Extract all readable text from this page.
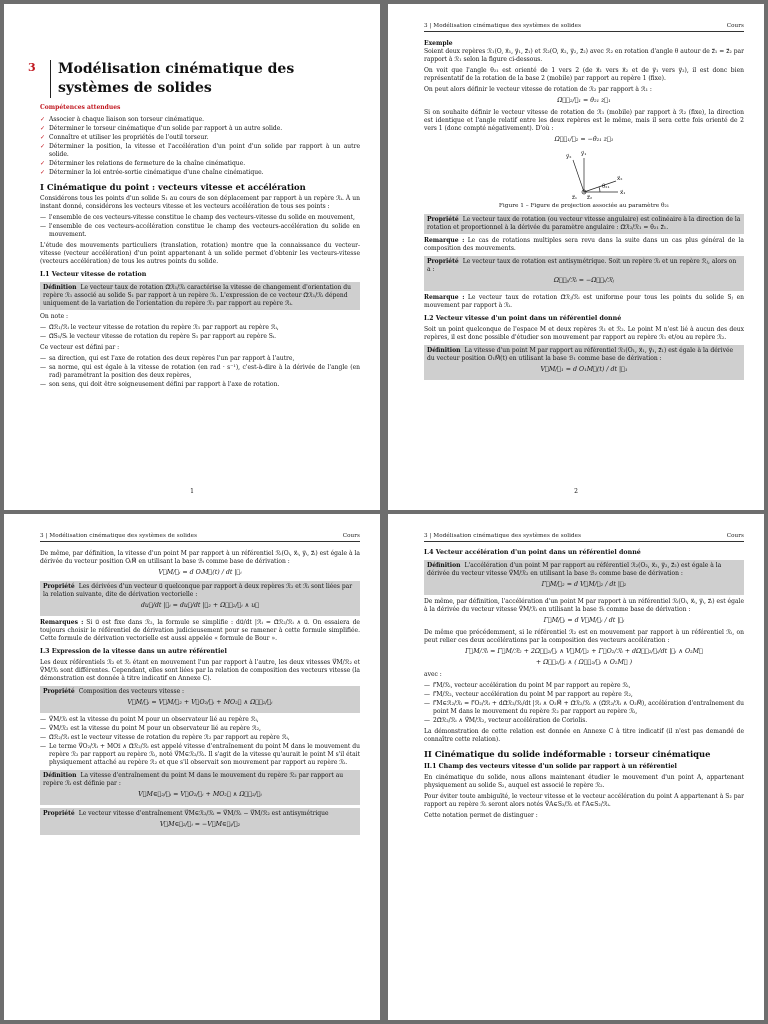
3 Modélisation cinématique des systèmes de solides
Compétences attendues
✓ Associer à chaque liaison son torseur cinématique.
✓ Déterminer le torseur cinématique d'un solide par rapport à un autre solide.
✓ Connaître et utiliser les propriétés de l'outil torseur.
✓ Déterminer la position, la vitesse et l'accélération d'un point d'un solide par rapport à un autre solide.
✓ Déterminer les relations de fermeture de la chaîne cinématique.
✓ Déterminer la loi entrée-sortie cinématique d'une chaîne cinématique.
I Cinématique du point : vecteurs vitesse et accélération

Considérons tous les points d'un solide S₁ au cours de son déplacement par rapport à un repère ℛᵢ. À un instant donné, considérons les vecteurs vitesse et les vecteurs accélération de tous ses points :

— l'ensemble de ces vecteurs-vitesse constitue le champ des vecteurs-vitesse du solide en mouvement,
— l'ensemble de ces vecteurs-accélération constitue le champ des vecteurs-accélération du solide en mouvement.

L'étude des mouvements particuliers (translation, rotation) montre que la connaissance du vecteur-vitesse (vecteur accélération) d'un point appartenant à un solide permet d'obtenir les vecteurs-vitesse (vecteurs accélération) de tous les autres points du solide.

I.1 Vecteur vitesse de rotation
Définition Le vecteur taux de rotation Ω⃗ℛ₁/ℛᵢ caractérise la vitesse de changement d'orientation du repère ℛ₁ associé au solide S₁ par rapport à un repère ℛᵢ. L'expression de ce vecteur Ω⃗ℛ₁/ℛᵢ dépend uniquement de la variation de l'orientation du repère ℛ₁ par rapport au repère ℛᵢ.

On note :

— Ω⃗ℛ₁/ℛᵢ le vecteur vitesse de rotation du repère ℛ₁ par rapport au repère ℛᵢ,
— Ω⃗S₁/Sᵢ le vecteur vitesse de rotation du repère S₁ par rapport au repère Sᵢ.

Ce vecteur est défini par :

— sa direction, qui est l'axe de rotation des deux repères l'un par rapport à l'autre,
— sa norme, qui est égale à la vitesse de rotation (en rad · s⁻¹), c'est-à-dire à la dérivée de l'angle (en rad) paramétrant la position des deux repères,
— son sens, qui doit être soigneusement défini par rapport à l'axe de rotation.
1
3 | Modélisation cinématique des systèmes de solides	Cours
Exemple

Soient deux repères ℛ₁(O, x⃗₁, y⃗₁, z⃗₁) et ℛ₂(O, x⃗₂, y⃗₂, z⃗₂) avec ℛ₂ en rotation d'angle θ autour de z⃗₁ = z⃗₂ par rapport à ℛ₁ selon la figure ci-dessous.

On voit que l'angle θ₂₁ est orienté de 1 vers 2 (de x⃗₁ vers x⃗₂ et de y⃗₁ vers y⃗₂), il est donc bien représentatif de la rotation de la base 2 (mobile) par rapport au repère 1 (fixe).

On peut alors définir le vecteur vitesse de rotation de ℛ₂ par rapport à ℛ₁ :

Ω⃗ℛ₂/ℛ₁ = θ̇₂₁ z⃗₁

Si on souhaite définir le vecteur vitesse de rotation de ℛ₁ (mobile) par rapport à ℛ₂ (fixe), la direction est identique et l'angle relatif entre les deux repères est le même, mais il sera cette fois orienté de 2 vers 1 (donc compté négativement). D'où :

Ω⃗ℛ₁/ℛ₂ = −θ̇₂₁ z⃗₁
y⃗₂ y⃗₁
x⃗₂
x⃗₁
θ₂₁
z⃗₁ z⃗₂
Figure 1 – Figure de projection associée au paramètre θ₂₁
Propriété Le vecteur taux de rotation (ou vecteur vitesse angulaire) est colinéaire à la direction de la rotation et proportionnel à la dérivée du paramètre angulaire : Ω⃗ℛ₂/ℛ₁ = θ̇₂₁ z⃗₁.

Remarque : Le cas de rotations multiples sera revu dans la suite dans un cas plus général de la composition des mouvements.

Propriété Le vecteur taux de rotation est antisymétrique. Soit un repère ℛᵢ et un repère ℛⱼ, alors on a :
Ω⃗ℛⱼ/ℛᵢ = −Ω⃗ℛᵢ/ℛⱼ

Remarque : Le vecteur taux de rotation Ω⃗ℛⱼ/ℛᵢ est uniforme pour tous les points du solide Sⱼ en mouvement par rapport à ℛᵢ.

I.2 Vecteur vitesse d'un point dans un référentiel donné

Soit un point quelconque de l'espace M et deux repères ℛ₁ et ℛ₂. Le point M n'est lié à aucun des deux repères, il est donc possible d'étudier son mouvement par rapport au repère ℛ₁ et/ou au repère ℛ₂.

Définition La vitesse d'un point M par rapport au référentiel ℛ₁(O₁, x⃗₁, y⃗₁, z⃗₁) est égale à la dérivée du vecteur position O₁M⃗(t) en utilisant la base ℬ₁ comme base de dérivation :
V⃗M/ℛ₁ = d O₁M⃗(t) / dt |ℬ₁
2
3 | Modélisation cinématique des systèmes de solides	Cours

De même, par définition, la vitesse d'un point M par rapport à un référentiel ℛᵢ(Oᵢ, x⃗ᵢ, y⃗ᵢ, z⃗ᵢ) est égale à la dérivée du vecteur position OᵢM⃗ en utilisant la base ℬᵢ comme base de dérivation :

V⃗M/ℛᵢ = d OᵢM⃗(t) / dt |ℬᵢ
Propriété Les dérivées d'un vecteur u⃗ quelconque par rapport à deux repères ℛ₂ et ℛᵢ sont liées par la relation suivante, dite de dérivation vectorielle :
du⃗/dt |ℛᵢ = du⃗/dt |ℛ₂ + Ω⃗ℛ₂/ℛᵢ ∧ u⃗

Remarques : Si u⃗ est fixe dans ℛ₂, la formule se simplifie : du⃗/dt |ℛᵢ = Ω⃗ℛ₂/ℛᵢ ∧ u⃗. On essaiera de toujours choisir le référentiel de dérivation judicieusement pour se ramener à cette formule simplifiée. Cette formule de dérivation vectorielle est aussi appelée « formule de Bour ».

I.3 Expression de la vitesse dans un autre référentiel

Les deux référentiels ℛ₂ et ℛᵢ étant en mouvement l'un par rapport à l'autre, les deux vitesses V⃗M/ℛ₂ et V⃗M/ℛᵢ sont différentes. Cependant, elles sont liées par la relation de composition des vecteurs vitesse (la démonstration est donnée à titre indicatif en Annexe C).

Propriété Composition des vecteurs vitesse :
V⃗M/ℛᵢ = V⃗M/ℛ₂ + V⃗O₂/ℛᵢ + MO₂⃗ ∧ Ω⃗ℛ₂/ℛᵢ
— V⃗M/ℛᵢ est la vitesse du point M pour un observateur lié au repère ℛᵢ,
— V⃗M/ℛ₂ est la vitesse du point M pour un observateur lié au repère ℛ₂,
— Ω⃗ℛ₂/ℛᵢ est le vecteur vitesse de rotation du repère ℛ₂ par rapport au repère ℛᵢ,
— Le terme V⃗O₂/ℛᵢ + MO₂⃗ ∧ Ω⃗ℛ₂/ℛᵢ est appelé vitesse d'entraînement du point M dans le mouvement du repère ℛ₂ par rapport au repère ℛᵢ, noté V⃗M∈ℛ₂/ℛᵢ. Il s'agit de la vitesse qu'aurait le point M s'il était physiquement attaché au repère ℛ₂ et que s'il observait son mouvement par rapport au repère ℛᵢ.
Définition La vitesse d'entraînement du point M dans le mouvement du repère ℛ₂ par rapport au repère ℛᵢ est définie par :
V⃗M∈ℛ₂/ℛᵢ = V⃗O₂/ℛᵢ + MO₂⃗ ∧ Ω⃗ℛ₂/ℛᵢ
Propriété Le vecteur vitesse d'entraînement V⃗M∈ℛ₂/ℛᵢ = V⃗M/ℛᵢ − V⃗M/ℛ₂ est antisymétrique
V⃗M∈ℛ₂/ℛᵢ = −V⃗M∈ℛᵢ/ℛ₂
3 | Modélisation cinématique des systèmes de solides	Cours
I.4 Vecteur accélération d'un point dans un référentiel donné
Définition L'accélération d'un point M par rapport au référentiel ℛ₂(O₂, x⃗₂, y⃗₂, z⃗₂) est égale à la dérivée du vecteur vitesse V⃗M/ℛ₂ en utilisant la base ℬ₂ comme base de dérivation :
Γ⃗M/ℛ₂ = d V⃗M/ℛ₂ / dt |ℬ₂

De même, par définition, l'accélération d'un point M par rapport à un référentiel ℛᵢ(Oᵢ, x⃗ᵢ, y⃗ᵢ, z⃗ᵢ) est égale à la dérivée du vecteur vitesse V⃗M/ℛᵢ en utilisant la base ℬᵢ comme base de dérivation :

Γ⃗M/ℛᵢ = d V⃗M/ℛᵢ / dt |ℬᵢ

De même que précédemment, si le référentiel ℛ₂ est en mouvement par rapport à un référentiel ℛᵢ, on peut relier ces deux accélérations par la composition des vecteurs accélération :

Γ⃗M/ℛᵢ = Γ⃗M/ℛ₂ + 2Ω⃗ℛ₂/ℛᵢ ∧ V⃗M/ℛ₂ + Γ⃗O₂/ℛᵢ + dΩ⃗ℛ₂/ℛᵢ/dt |ℛᵢ ∧ O₂M⃗
+ Ω⃗ℛ₂/ℛᵢ ∧ ( Ω⃗ℛ₂/ℛᵢ ∧ O₂M⃗ )

avec :

— Γ⃗M/ℛᵢ, vecteur accélération du point M par rapport au repère ℛᵢ,
— Γ⃗M/ℛ₂, vecteur accélération du point M par rapport au repère ℛ₂,
— Γ⃗M∈ℛ₂/ℛᵢ = Γ⃗O₂/ℛᵢ + dΩ⃗ℛ₂/ℛᵢ/dt |ℛᵢ ∧ O₂M⃗ + Ω⃗ℛ₂/ℛᵢ ∧ (Ω⃗ℛ₂/ℛᵢ ∧ O₂M⃗), accélération d'entraînement du point M dans le mouvement du repère ℛ₂ par rapport au repère ℛᵢ,
— 2Ω⃗ℛ₂/ℛᵢ ∧ V⃗M/ℛ₂, vecteur accélération de Coriolis.

La démonstration de cette relation est donnée en Annexe C à titre indicatif (il n'est pas demandé de connaître cette relation).

II Cinématique du solide indéformable : torseur cinématique
II.1 Champ des vecteurs vitesse d'un solide par rapport à un référentiel

En cinématique du solide, nous allons maintenant étudier le mouvement d'un point A, appartenant physiquement au solide S₂, auquel est associé le repère ℛ₂.

Pour éviter toute ambiguïté, le vecteur vitesse et le vecteur accélération du point A appartenant à S₂ par rapport au repère ℛᵢ seront alors notés V⃗A∈S₂/ℛᵢ et Γ⃗A∈S₂/ℛᵢ.

Cette notation permet de distinguer :
